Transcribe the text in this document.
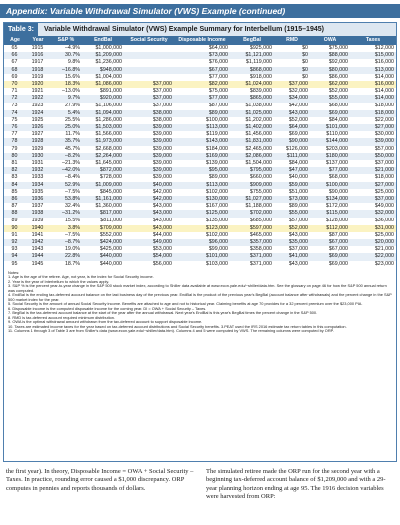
Appendix: Variable Withdrawal Simulator (VWS) Example (continued)
Table 3:	Variable Withdrawal Simulator (VWS) Example Summary for Interbellum (1915–1945)
Age	Year	S&P %	EndBal	Social Security	Disposable Income	BegBal	RMD	OWA	Taxes
65	1915	–4.9%	$1,000,000		$64,000	$925,000	$0	$75,000	$12,000
66	1916	30.7%	$1,209,000		$73,000	$1,121,000	$0	$88,000	$15,000
67	1917	9.8%	$1,236,000		$76,000	$1,119,000	$0	$92,000	$16,000
68	1918	–16.8%	$948,000		$67,000	$868,000	$0	$80,000	$13,000
69	1919	15.6%	$1,004,000		$77,000	$918,000	$0	$86,000	$14,000
70	1920	18.3%	$1,086,000	$37,000	$82,000	$1,024,000	$37,000	$62,000	$16,000
71	1921	–13.0%	$891,000	$37,000	$75,000	$839,000	$32,000	$52,000	$14,000
72	1922	9.7%	$920,000	$37,000	$77,000	$865,000	$34,000	$55,000	$14,000
73	1923	27.9%	$1,106,000	$37,000	$87,000	$1,038,000	$42,000	$68,000	$18,000
74	1924	5.4%	$1,094,000	$38,000	$89,000	$1,025,000	$43,000	$69,000	$18,000
75	1925	25.5%	$1,286,000	$38,000	$100,000	$1,202,000	$52,000	$84,000	$22,000
76	1926	25.0%	$1,503,000	$39,000	$113,000	$1,402,000	$64,000	$101,000	$27,000
77	1927	11.7%	$1,566,000	$39,000	$119,000	$1,456,000	$69,000	$110,000	$30,000
78	1928	35.7%	$1,973,000	$39,000	$143,000	$1,831,000	$90,000	$144,000	$39,000
79	1929	45.7%	$2,668,000	$39,000	$184,000	$2,465,000	$126,000	$203,000	$57,000
80	1930	–8.2%	$2,264,000	$39,000	$169,000	$2,086,000	$111,000	$180,000	$50,000
81	1931	–21.3%	$1,645,000	$39,000	$139,000	$1,504,000	$84,000	$137,000	$37,000
82	1932	–42.0%	$872,000	$39,000	$95,000	$795,000	$47,000	$77,000	$21,000
83	1933	–8.4%	$728,000	$39,000	$89,000	$660,000	$40,000	$68,000	$18,000
84	1934	52.9%	$1,009,000	$40,000	$113,000	$909,000	$59,000	$100,000	$27,000
85	1935	–7.5%	$845,000	$42,000	$102,000	$755,000	$51,000	$90,000	$25,000
86	1936	53.8%	$1,161,000	$42,000	$130,000	$1,027,000	$73,000	$134,000	$37,000
87	1937	32.4%	$1,360,000	$43,000	$167,000	$1,188,000	$89,000	$172,000	$49,000
88	1938	–31.2%	$817,000	$43,000	$125,000	$702,000	$55,000	$115,000	$32,000
89	1939	15.5%	$811,000	$43,000	$135,000	$685,000	$57,000	$128,000	$36,000
90	1940	3.8%	$709,000	$43,000	$123,000	$597,000	$52,000	$112,000	$31,000
91	1941	–7.5%	$552,000	$44,000	$102,000	$465,000	$43,000	$87,000	$25,000
92	1942	–8.7%	$424,000	$49,000	$96,000	$357,000	$35,000	$67,000	$20,000
93	1943	19.0%	$425,000	$53,000	$99,000	$358,000	$37,000	$67,000	$21,000
94	1944	22.8%	$440,000	$54,000	$101,000	$371,000	$41,000	$69,000	$22,000
95	1945	18.7%	$440,000	$56,000	$103,000	$371,000	$43,000	$69,000	$23,000
Notes:
1. Age is the age of the retiree. Age, not year, is the index for Social Security income.
2. Year is the year of Interbellum to which the values apply.
3. S&P % is the percent year-to-year change in the S&P 500 stock market index, according to Shiller data available at www.econ.yale.edu/~shiller/data.htm. See the glossary on page 46 for how the S&P 500 annual return was computed.
4. EndBal is the ending tax-deferred account balance on the last business day of the previous year. EndBal is the product of the previous year's BegBal (account balance after withdrawals) and the percent change in the S&P 500 market index for the year.
5. Social Security is the amount of annual Social Security income. Benefits are attached to age and not to historical year. Claiming benefits at age 70 provides for a 32 percent premium over the $23,000 PIA.
6. Disposable income is the computed disposable income for the coming year. DI = OWA + Social Security – Taxes.
7. BegBal is the tax-deferred account balance at the start of the year after the annual withdrawal. Next year's EndBal is this year's BegBal times the percent change in the S&P 500.
8. RMD is tax-deferred account required minimum distribution.
9. OWA is the optimal withdrawal amount withdrawn from the tax-deferred account to support disposable income.
10. Taxes are estimated income taxes for the year based on tax-deferred account distributions and Social Security benefits. 3.PEAT used the IRS 2016 estimate tax return tables in this computation.
11. Columns 1 through 3 of Table 3 are from Shiller's data (www.econ.yale.edu/~shiller/data.htm). Columns 4 and 5 were computed by VWS. The remaining columns were computed by ORP.
the first year). In theory, Disposable Income = OWA + Social Security – Taxes. In practice, rounding error caused a $1,000 discrepancy. ORP computes in pennies and reports thousands of dollars.
The simulated retiree made the ORP run for the second year with a beginning tax-deferred account balance of $1,209,000 and with a 29-year planning horizon ending at age 95. The 1916 decision variables were harvested from ORP:
